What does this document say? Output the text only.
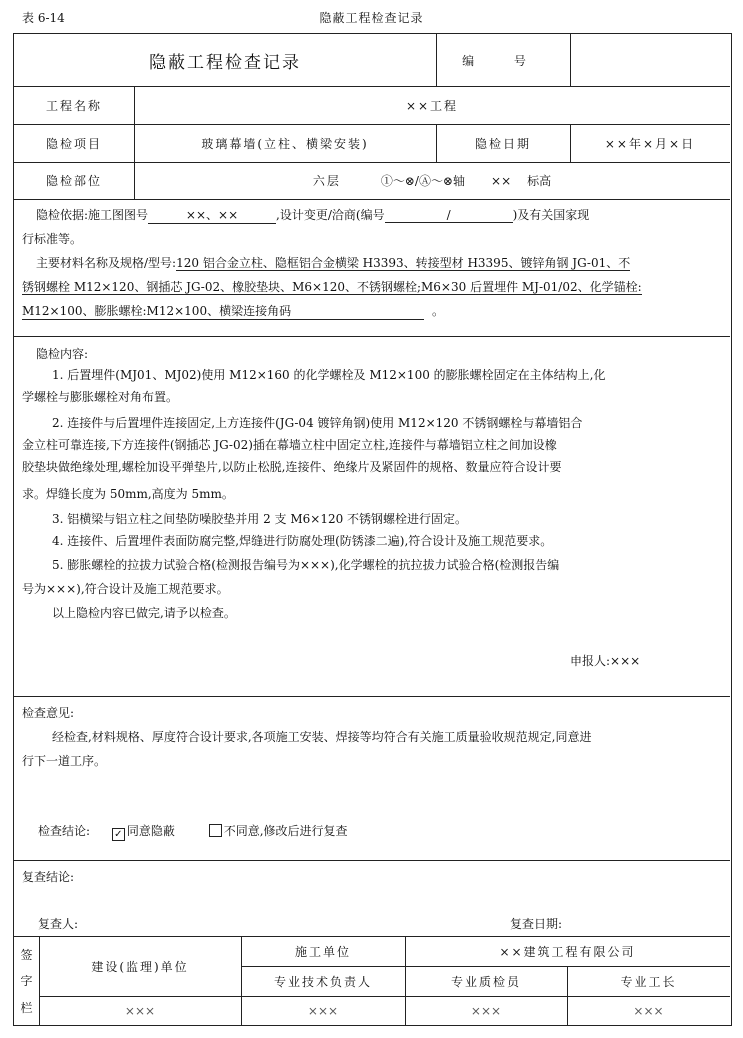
表 6-14	隐蔽工程检查记录
隐蔽工程检查记录	编 号
工程名称	××工程
隐检项目	玻璃幕墙(立柱、横梁安装)	隐检日期	××年×月×日
隐检部位	六层	①～⊗/Ⓐ～⊗轴 ×× 标高
隐检依据:施工图图号	××、××	,设计变更/洽商(编号	/	)及有关国家现
行标准等。
主要材料名称及规格/型号:120 铝合金立柱、隐框铝合金横梁 H3393、转接型材 H3395、镀锌角钢 JG-01、不
锈钢螺栓 M12×120、钢插芯 JG-02、橡胶垫块、M6×120、不锈钢螺栓;M6×30 后置埋件 MJ-01/02、化学锚栓:
M12×100、膨胀螺栓:M12×100、横梁连接角码	。
隐检内容:
1. 后置埋件(MJ01、MJ02)使用 M12×160 的化学螺栓及 M12×100 的膨胀螺栓固定在主体结构上,化
学螺栓与膨胀螺栓对角布置。
2. 连接件与后置埋件连接固定,上方连接件(JG-04 镀锌角钢)使用 M12×120 不锈钢螺栓与幕墙铝合
金立柱可靠连接,下方连接件(钢插芯 JG-02)插在幕墙立柱中固定立柱,连接件与幕墙铝立柱之间加设橡
胶垫块做绝缘处理,螺栓加设平弹垫片,以防止松脱,连接件、绝缘片及紧固件的规格、数量应符合设计要
求。焊缝长度为 50mm,高度为 5mm。
3. 铝横梁与铝立柱之间垫防噪胶垫并用 2 支 M6×120 不锈钢螺栓进行固定。
4. 连接件、后置埋件表面防腐完整,焊缝进行防腐处理(防锈漆二遍),符合设计及施工规范要求。
5. 膨胀螺栓的拉拔力试验合格(检测报告编号为×××),化学螺栓的抗拉拔力试验合格(检测报告编
号为×××),符合设计及施工规范要求。
以上隐检内容已做完,请予以检查。
申报人:×××
检查意见:
经检查,材料规格、厚度符合设计要求,各项施工安装、焊接等均符合有关施工质量验收规范规定,同意进
行下一道工序。
检查结论: ✓ 同意隐蔽	不同意,修改后进行复查
复查结论:
复查人:	复查日期:
签
字
栏
建设(监理)单位
施工单位	××建筑工程有限公司
专业技术负责人	专业质检员	专业工长
×××	×××	×××	×××
